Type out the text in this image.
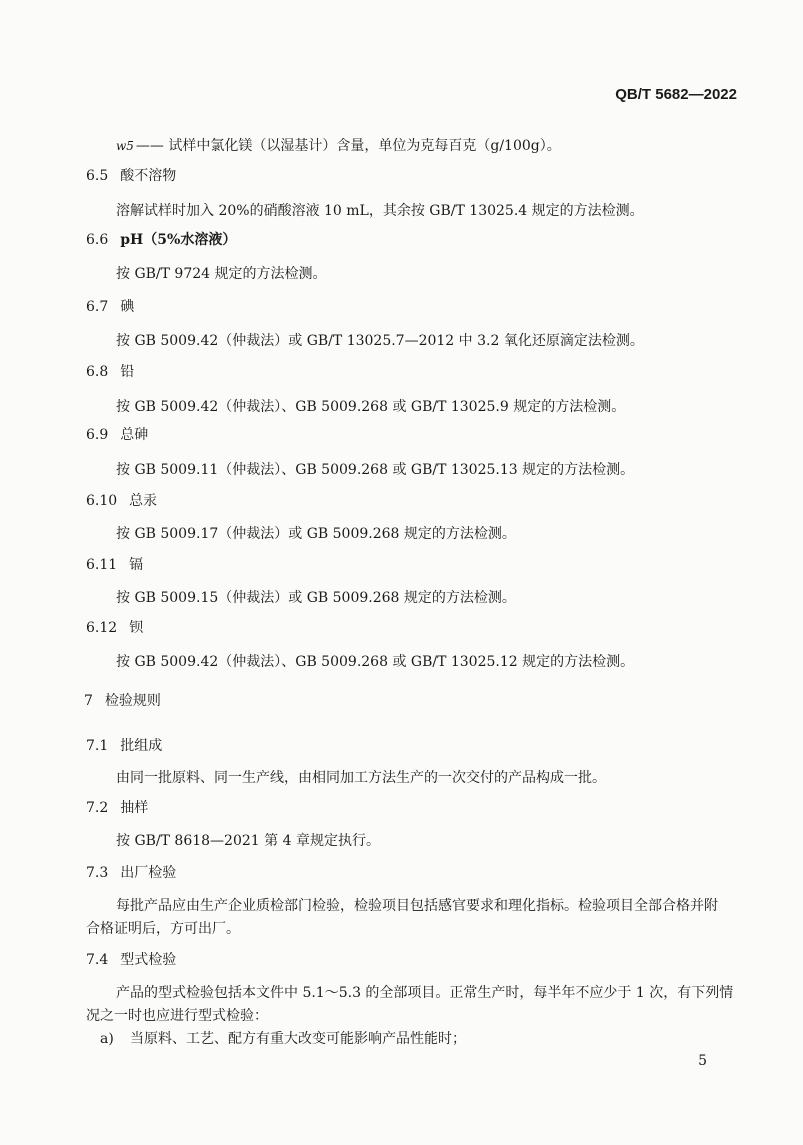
QB/T 5682—2022
w5 —— 试样中氯化镁（以湿基计）含量，单位为克每百克（g/100g）。
6.5 酸不溶物
溶解试样时加入 20%的硝酸溶液 10 mL，其余按 GB/T 13025.4 规定的方法检测。
6.6 pH（5%水溶液）
按 GB/T 9724 规定的方法检测。
6.7 碘
按 GB 5009.42（仲裁法）或 GB/T 13025.7—2012 中 3.2 氧化还原滴定法检测。
6.8 铅
按 GB 5009.42（仲裁法）、GB 5009.268 或 GB/T 13025.9 规定的方法检测。
6.9 总砷
按 GB 5009.11（仲裁法）、GB 5009.268 或 GB/T 13025.13 规定的方法检测。
6.10 总汞
按 GB 5009.17（仲裁法）或 GB 5009.268 规定的方法检测。
6.11 镉
按 GB 5009.15（仲裁法）或 GB 5009.268 规定的方法检测。
6.12 钡
按 GB 5009.42（仲裁法）、GB 5009.268 或 GB/T 13025.12 规定的方法检测。
7 检验规则
7.1 批组成
由同一批原料、同一生产线，由相同加工方法生产的一次交付的产品构成一批。
7.2 抽样
按 GB/T 8618—2021 第 4 章规定执行。
7.3 出厂检验
每批产品应由生产企业质检部门检验，检验项目包括感官要求和理化指标。检验项目全部合格并附
合格证明后，方可出厂。
7.4 型式检验
产品的型式检验包括本文件中 5.1～5.3 的全部项目。正常生产时，每半年不应少于 1 次，有下列情
况之一时也应进行型式检验：
a) 当原料、工艺、配方有重大改变可能影响产品性能时；
5
